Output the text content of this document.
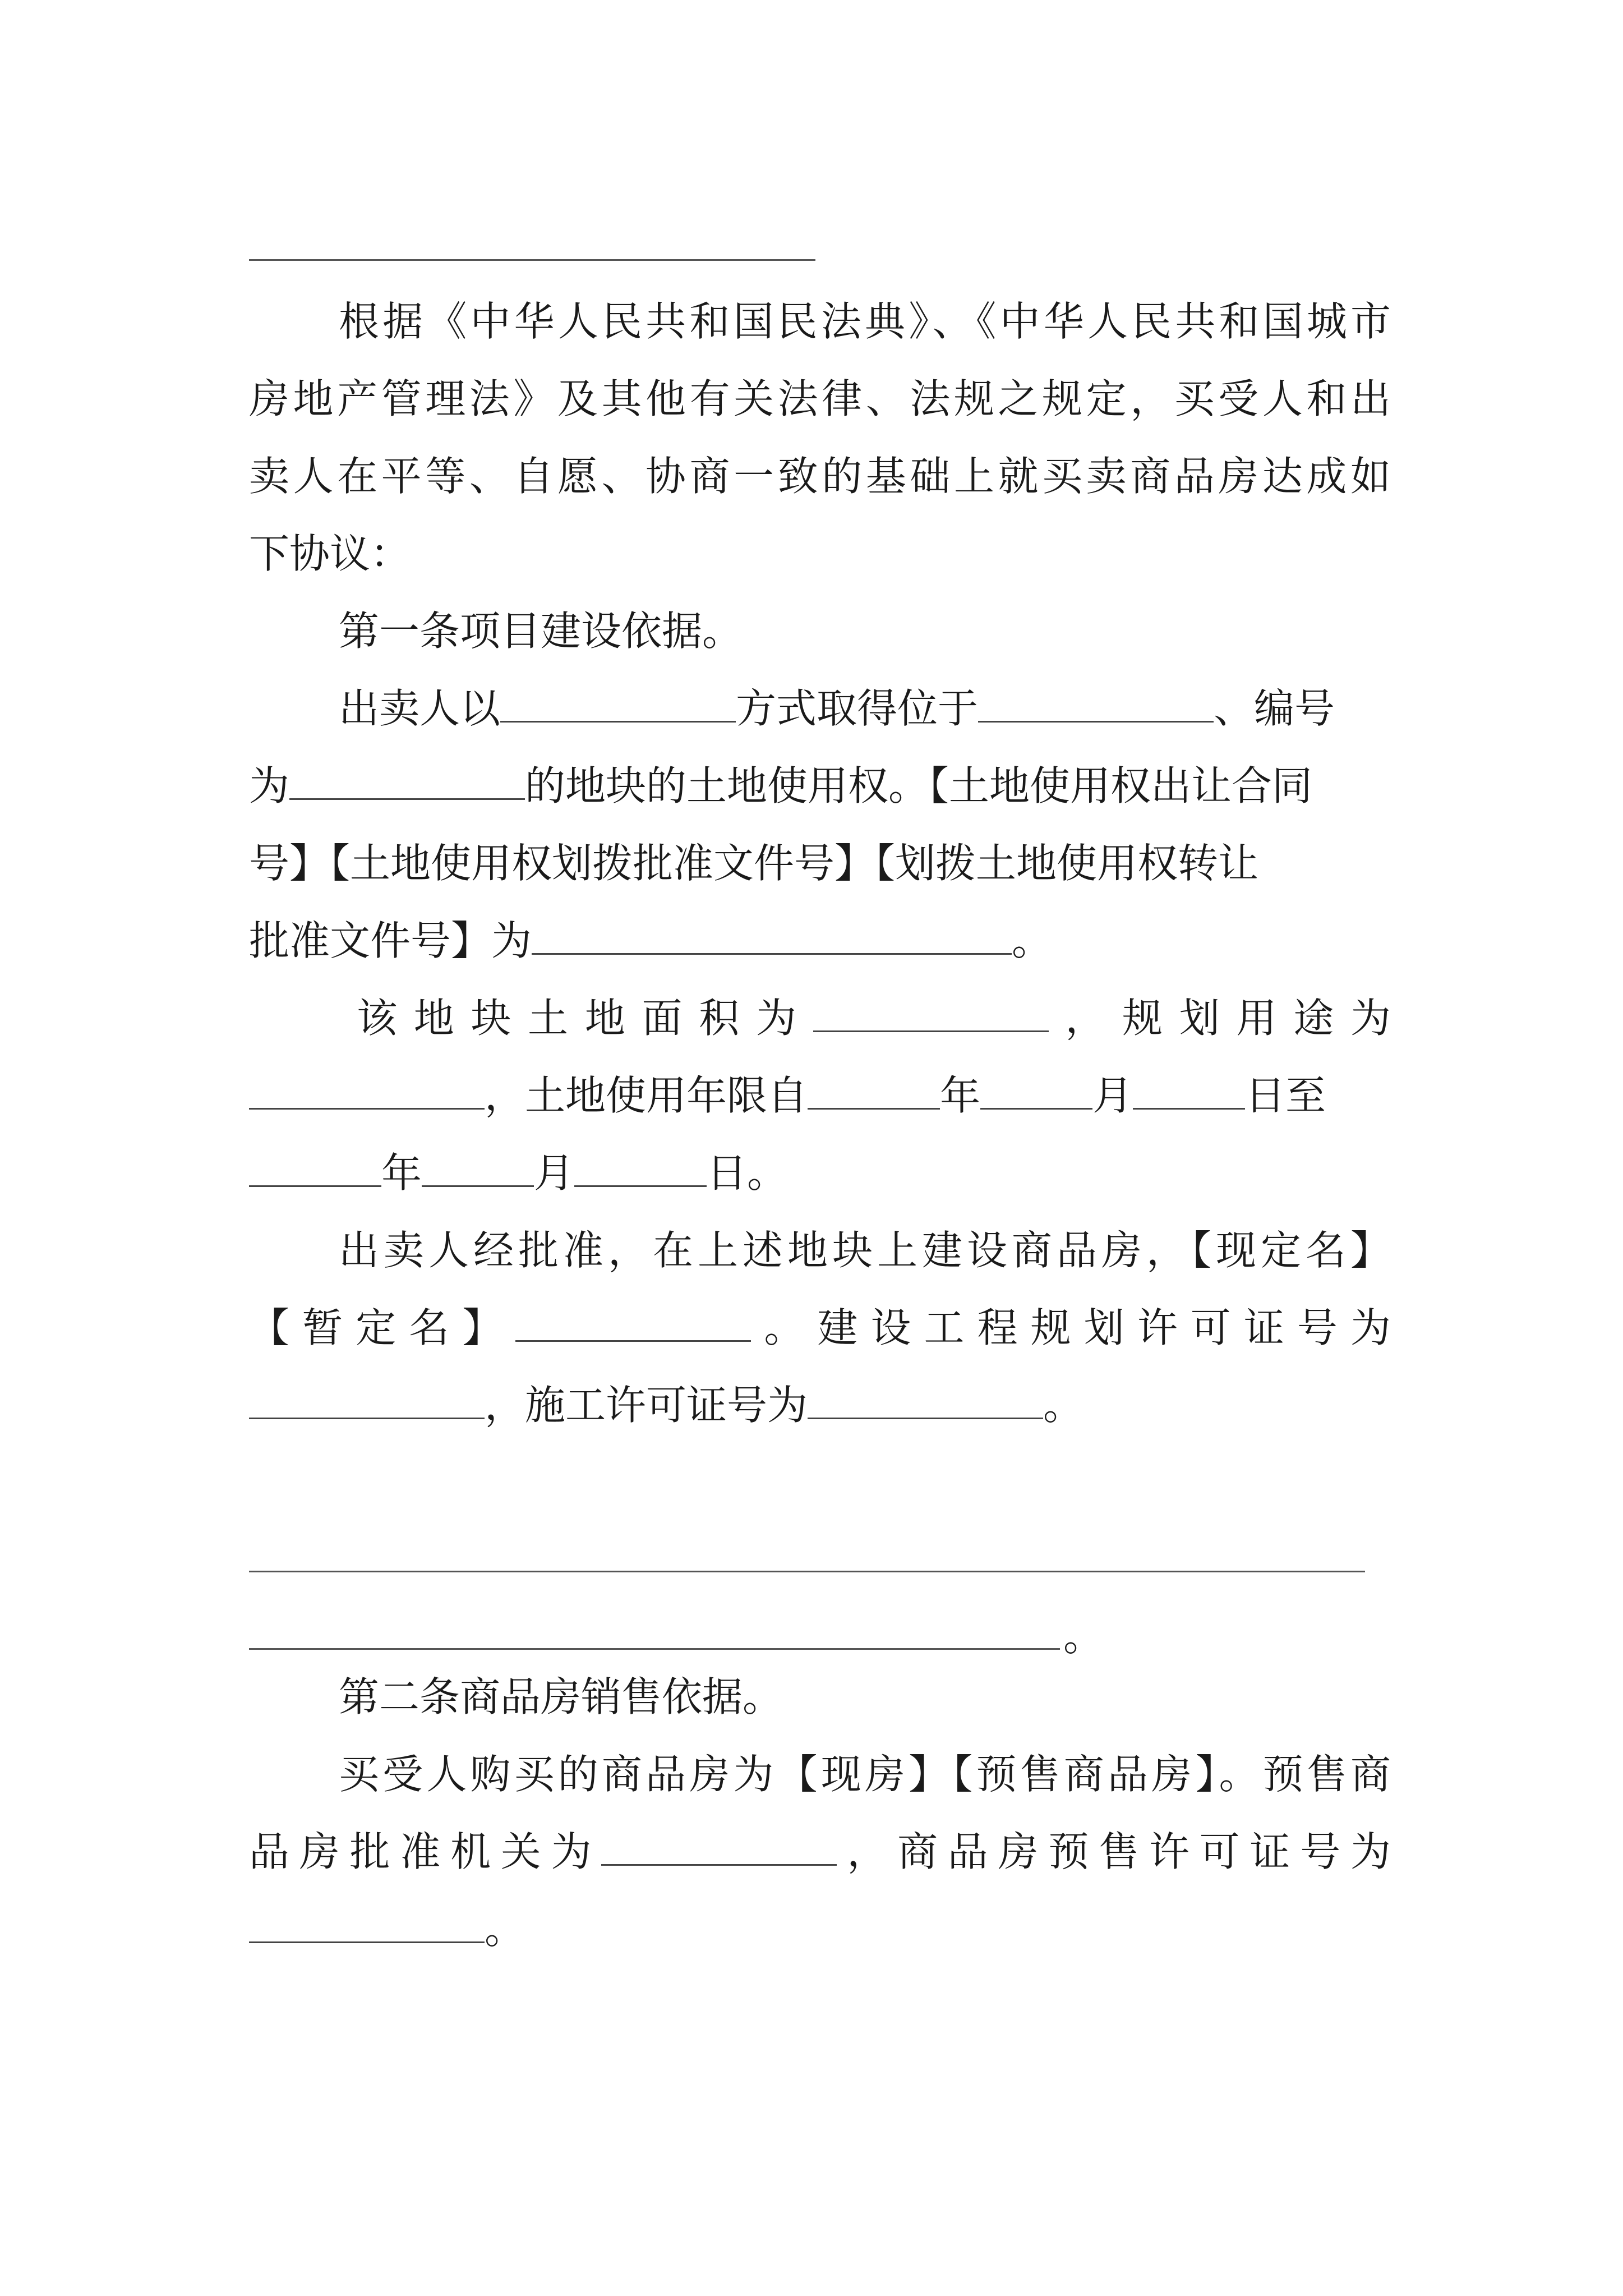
根据《中华人民共和国民法典》、《中华人民共和国城市
房地产管理法》及其他有关法律、法规之规定，买受人和出
卖人在平等、自愿、协商一致的基础上就买卖商品房达成如
下协议：
第一条项目建设依据。
出卖人以	方式取得位于	、编号
为	的地块的土地使用权。【土地使用权出让合同
号】【土地使用权划拨批准文件号】【划拨土地使用权转让
批准文件号】为	。
该地块土地面积为	，规划用途为
，土地使用年限自	年	月	日至
年	月	日。
出卖人经批准，在上述地块上建设商品房，【现定名】
【暂定名】	。建设工程规划许可证号为
，施工许可证号为	。
。
第二条商品房销售依据。
买受人购买的商品房为【现房】【预售商品房】。预售商
品房批准机关为	，商品房预售许可证号为
。
